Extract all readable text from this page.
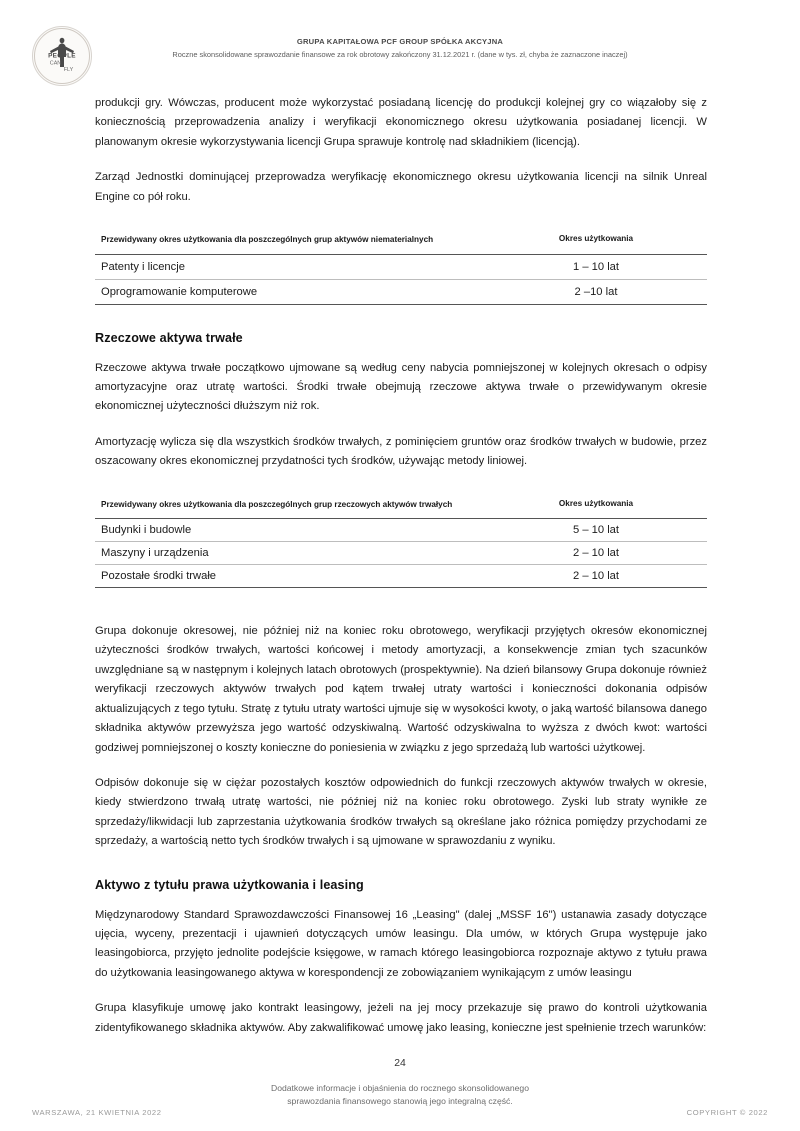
PEOPLE
CAN
FLY
GRUPA KAPITAŁOWA PCF GROUP SPÓŁKA AKCYJNA
Roczne skonsolidowane sprawozdanie finansowe za rok obrotowy zakończony 31.12.2021 r. (dane w tys. zł, chyba że zaznaczone inaczej)

produkcji gry. Wówczas, producent może wykorzystać posiadaną licencję do produkcji kolejnej gry co wiązałoby się z koniecznością przeprowadzenia analizy i weryfikacji ekonomicznego okresu użytkowania posiadanej licencji. W planowanym okresie wykorzystywania licencji Grupa sprawuje kontrolę nad składnikiem (licencją).

Zarząd Jednostki dominującej przeprowadza weryfikację ekonomicznego okresu użytkowania licencji na silnik Unreal Engine co pół roku.

Przewidywany okres użytkowania dla poszczególnych grup aktywów niematerialnych	Okres użytkowania
Patenty i licencje	1 – 10 lat
Oprogramowanie komputerowe	2 –10 lat
Rzeczowe aktywa trwałe

Rzeczowe aktywa trwałe początkowo ujmowane są według ceny nabycia pomniejszonej w kolejnych okresach o odpisy amortyzacyjne oraz utratę wartości. Środki trwałe obejmują rzeczowe aktywa trwałe o przewidywanym okresie ekonomicznej użyteczności dłuższym niż rok.

Amortyzację wylicza się dla wszystkich środków trwałych, z pominięciem gruntów oraz środków trwałych w budowie, przez oszacowany okres ekonomicznej przydatności tych środków, używając metody liniowej.

Przewidywany okres użytkowania dla poszczególnych grup rzeczowych aktywów trwałych	Okres użytkowania
Budynki i budowle	5 – 10 lat
Maszyny i urządzenia	2 – 10 lat
Pozostałe środki trwałe	2 – 10 lat

Grupa dokonuje okresowej, nie później niż na koniec roku obrotowego, weryfikacji przyjętych okresów ekonomicznej użyteczności środków trwałych, wartości końcowej i metody amortyzacji, a konsekwencje zmian tych szacunków uwzględniane są w następnym i kolejnych latach obrotowych (prospektywnie). Na dzień bilansowy Grupa dokonuje również weryfikacji rzeczowych aktywów trwałych pod kątem trwałej utraty wartości i konieczności dokonania odpisów aktualizujących z tego tytułu. Stratę z tytułu utraty wartości ujmuje się w wysokości kwoty, o jaką wartość bilansowa danego składnika aktywów przewyższa jego wartość odzyskiwalną. Wartość odzyskiwalna to wyższa z dwóch kwot: wartości godziwej pomniejszonej o koszty konieczne do poniesienia w związku z jego sprzedażą lub wartości użytkowej.

Odpisów dokonuje się w ciężar pozostałych kosztów odpowiednich do funkcji rzeczowych aktywów trwałych w okresie, kiedy stwierdzono trwałą utratę wartości, nie później niż na koniec roku obrotowego. Zyski lub straty wynikłe ze sprzedaży/likwidacji lub zaprzestania użytkowania środków trwałych są określane jako różnica pomiędzy przychodami ze sprzedaży, a wartością netto tych środków trwałych i są ujmowane w sprawozdaniu z wyniku.

Aktywo z tytułu prawa użytkowania i leasing

Międzynarodowy Standard Sprawozdawczości Finansowej 16 „Leasing" (dalej „MSSF 16") ustanawia zasady dotyczące ujęcia, wyceny, prezentacji i ujawnień dotyczących umów leasingu. Dla umów, w których Grupa występuje jako leasingobiorca, przyjęto jednolite podejście księgowe, w ramach którego leasingobiorca rozpoznaje aktywo z tytułu prawa do użytkowania leasingowanego aktywa w korespondencji ze zobowiązaniem wynikającym z umów leasingu

Grupa klasyfikuje umowę jako kontrakt leasingowy, jeżeli na jej mocy przekazuje się prawo do kontroli użytkowania zidentyfikowanego składnika aktywów. Aby zakwalifikować umowę jako leasing, konieczne jest spełnienie trzech warunków:

24
Dodatkowe informacje i objaśnienia do rocznego skonsolidowanego
sprawozdania finansowego stanowią jego integralną część.
WARSZAWA, 21 KWIETNIA 2022	COPYRIGHT © 2022
